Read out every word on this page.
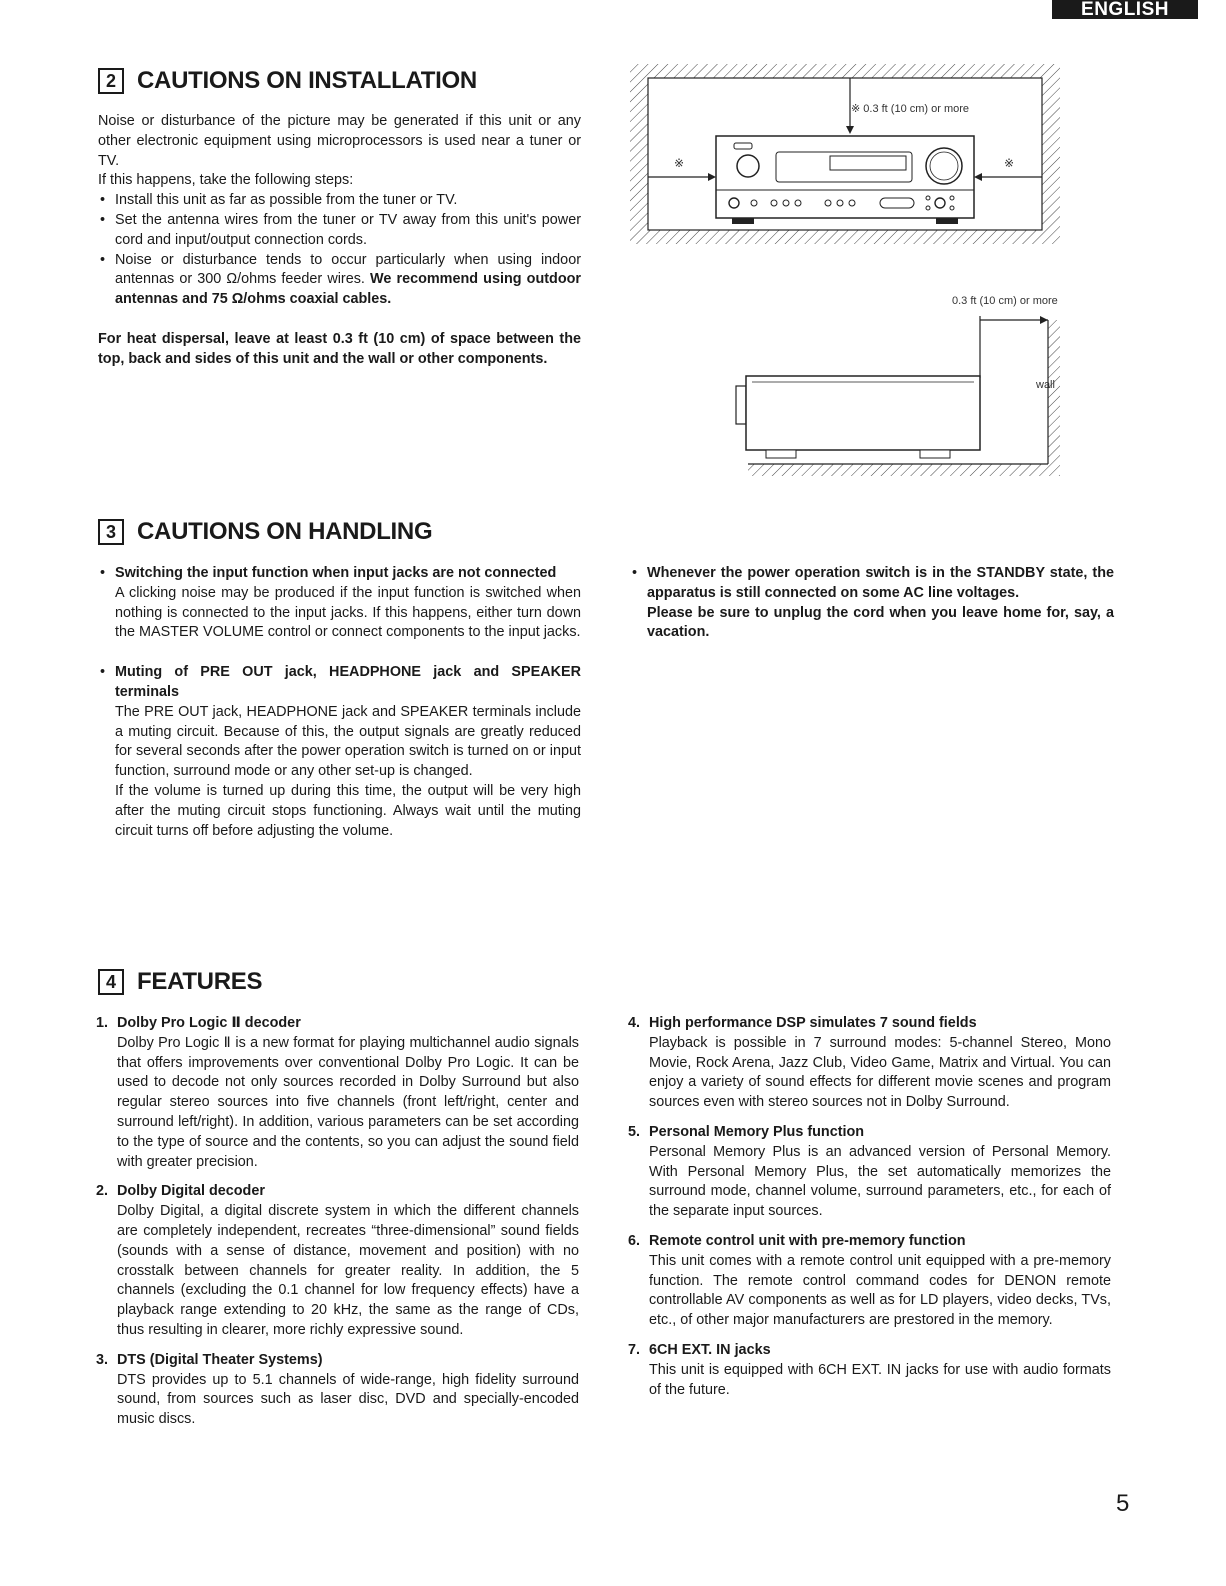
ENGLISH
2 CAUTIONS ON INSTALLATION

Noise or disturbance of the picture may be generated if this unit or any other electronic equipment using microprocessors is used near a tuner or TV.

If this happens, take the following steps:

• Install this unit as far as possible from the tuner or TV.
• Set the antenna wires from the tuner or TV away from this unit's power cord and input/output connection cords.
• Noise or disturbance tends to occur particularly when using indoor antennas or 300 Ω/ohms feeder wires. We recommend using outdoor antennas and 75 Ω/ohms coaxial cables.

For heat dispersal, leave at least 0.3 ft (10 cm) of space between the top, back and sides of this unit and the wall or other components.

※ 0.3 ft (10 cm) or more
※	※
0.3 ft (10 cm) or more
wall
3 CAUTIONS ON HANDLING
• Switching the input function when input jacks are not connected
A clicking noise may be produced if the input function is switched when nothing is connected to the input jacks. If this happens, either turn down the MASTER VOLUME control or connect components to the input jacks.
• Muting of PRE OUT jack, HEADPHONE jack and SPEAKER terminals
The PRE OUT jack, HEADPHONE jack and SPEAKER terminals include a muting circuit. Because of this, the output signals are greatly reduced for several seconds after the power operation switch is turned on or input function, surround mode or any other set-up is changed.
If the volume is turned up during this time, the output will be very high after the muting circuit stops functioning. Always wait until the muting circuit turns off before adjusting the volume.
• Whenever the power operation switch is in the STANDBY state, the apparatus is still connected on some AC line voltages.
Please be sure to unplug the cord when you leave home for, say, a vacation.
4 FEATURES
1. Dolby Pro Logic Ⅱ decoder
Dolby Pro Logic Ⅱ is a new format for playing multichannel audio signals that offers improvements over conventional Dolby Pro Logic. It can be used to decode not only sources recorded in Dolby Surround but also regular stereo sources into five channels (front left/right, center and surround left/right). In addition, various parameters can be set according to the type of source and the contents, so you can adjust the sound field with greater precision.
2. Dolby Digital decoder
Dolby Digital, a digital discrete system in which the different channels are completely independent, recreates “three-dimensional” sound fields (sounds with a sense of distance, movement and position) with no crosstalk between channels for greater reality. In addition, the 5 channels (excluding the 0.1 channel for low frequency effects) have a playback range extending to 20 kHz, the same as the range of CDs, thus resulting in clearer, more richly expressive sound.
3. DTS (Digital Theater Systems)
DTS provides up to 5.1 channels of wide-range, high fidelity surround sound, from sources such as laser disc, DVD and specially-encoded music discs.
4. High performance DSP simulates 7 sound fields
Playback is possible in 7 surround modes: 5-channel Stereo, Mono Movie, Rock Arena, Jazz Club, Video Game, Matrix and Virtual. You can enjoy a variety of sound effects for different movie scenes and program sources even with stereo sources not in Dolby Surround.
5. Personal Memory Plus function
Personal Memory Plus is an advanced version of Personal Memory. With Personal Memory Plus, the set automatically memorizes the surround mode, channel volume, surround parameters, etc., for each of the separate input sources.
6. Remote control unit with pre-memory function
This unit comes with a remote control unit equipped with a pre-memory function. The remote control command codes for DENON remote controllable AV components as well as for LD players, video decks, TVs, etc., of other major manufacturers are prestored in the memory.
7. 6CH EXT. IN jacks
This unit is equipped with 6CH EXT. IN jacks for use with audio formats of the future.
5
